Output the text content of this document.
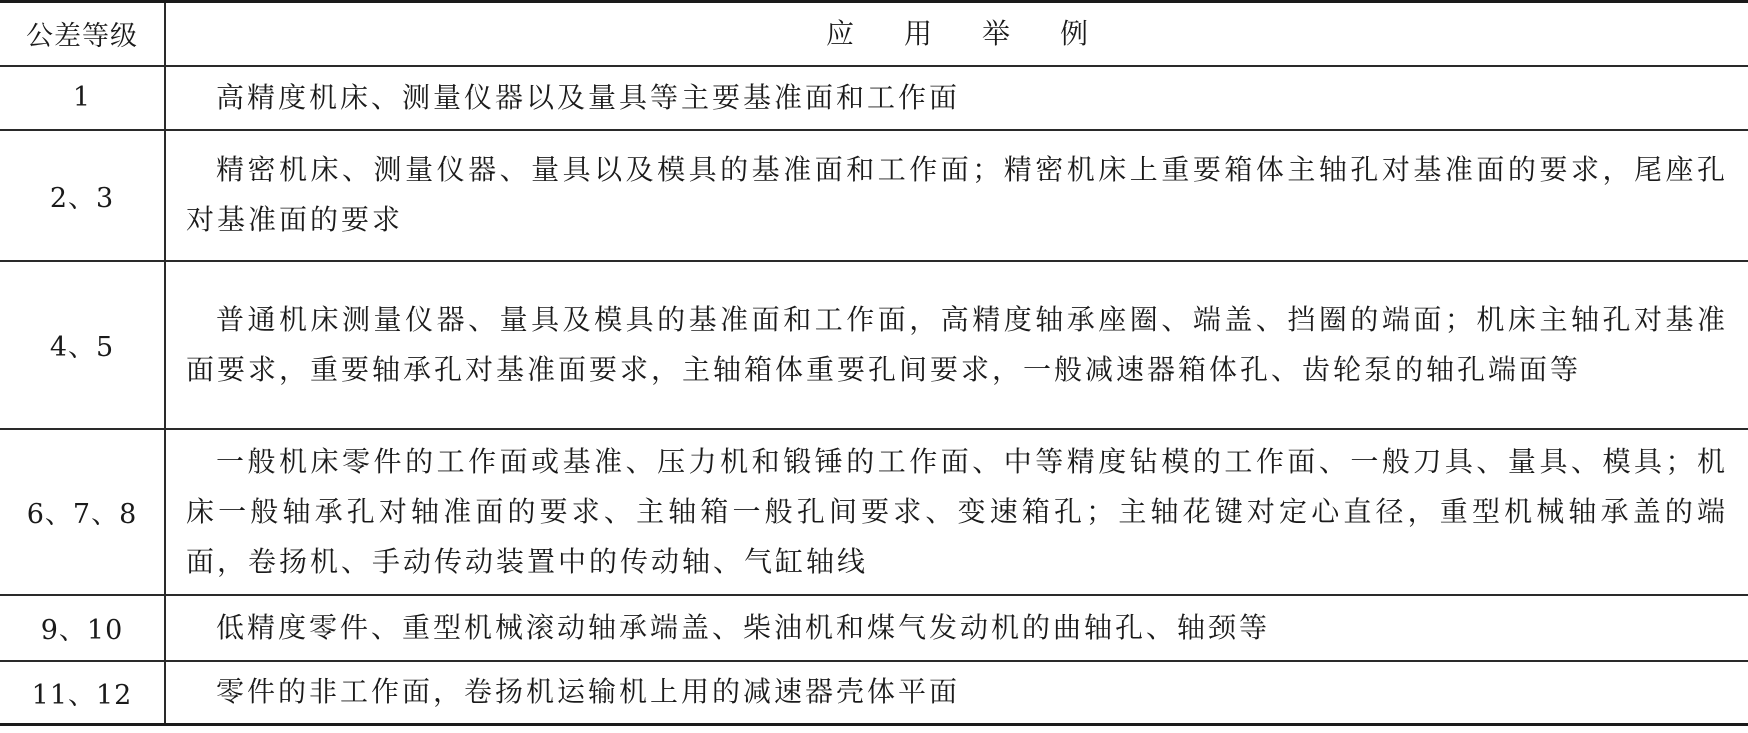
公差等级	应用举例
1	高精度机床、测量仪器以及量具等主要基准面和工作面

2、3	精密机床、测量仪器、量具以及模具的基准面和工作面；精密机床上重要箱体主轴孔对基准面的要求，尾座孔对基准面的要求

4、5	普通机床测量仪器、量具及模具的基准面和工作面，高精度轴承座圈、端盖、挡圈的端面；机床主轴孔对基准面要求，重要轴承孔对基准面要求，主轴箱体重要孔间要求，一般减速器箱体孔、齿轮泵的轴孔端面等

6、7、8	一般机床零件的工作面或基准、压力机和锻锤的工作面、中等精度钻模的工作面、一般刀具、量具、模具；机床一般轴承孔对轴准面的要求、主轴箱一般孔间要求、变速箱孔；主轴花键对定心直径，重型机械轴承盖的端面，卷扬机、手动传动装置中的传动轴、气缸轴线

9、10	低精度零件、重型机械滚动轴承端盖、柴油机和煤气发动机的曲轴孔、轴颈等

11、12	零件的非工作面，卷扬机运输机上用的减速器壳体平面
